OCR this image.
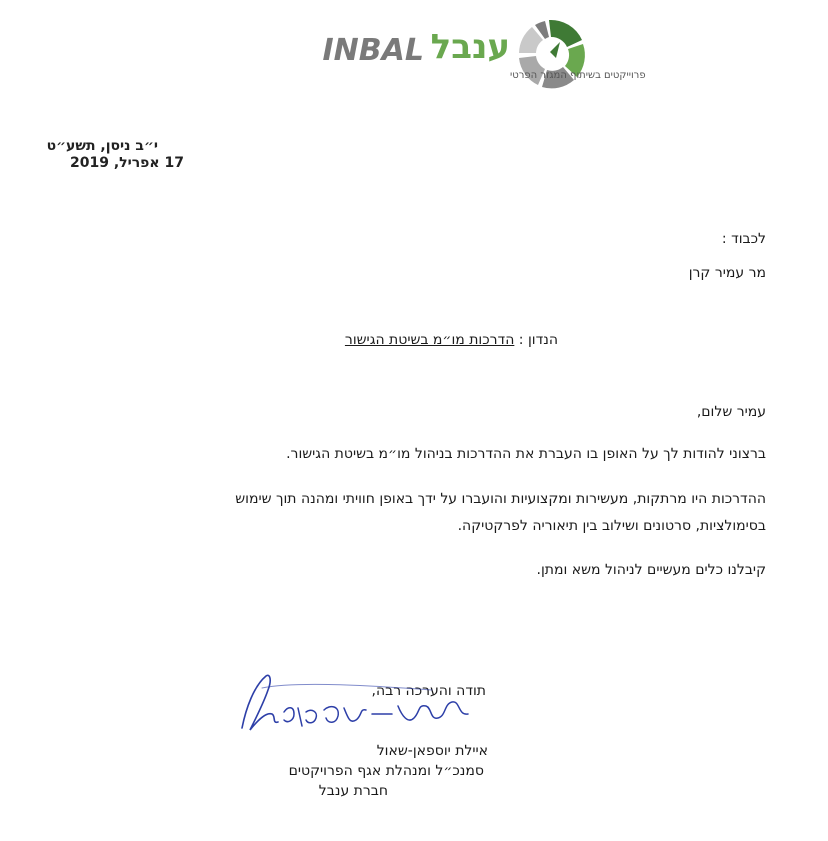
ענבל
INBAL
פרוייקטים בשיתוף המגזר הפרטי
י״ב ניסן, תשע״ט
17 אפריל, 2019
לכבוד :
מר עמיר קרן
הנדון : הדרכות מו״מ בשיטת הגישור
עמיר שלום,
ברצוני להודות לך על האופן בו העברת את ההדרכות בניהול מו״מ בשיטת הגישור.
ההדרכות היו מרתקות, מעשירות ומקצועיות והועברו על ידך באופן חוויתי ומהנה תוך שימוש
בסימולציות, סרטונים ושילוב בין תיאוריה לפרקטיקה.
קיבלנו כלים מעשיים לניהול משא ומתן.
תודה והערכה רבה,
איילת יוספאן-שאול
סמנכ״ל ומנהלת אגף הפרויקטים
חברת ענבל
